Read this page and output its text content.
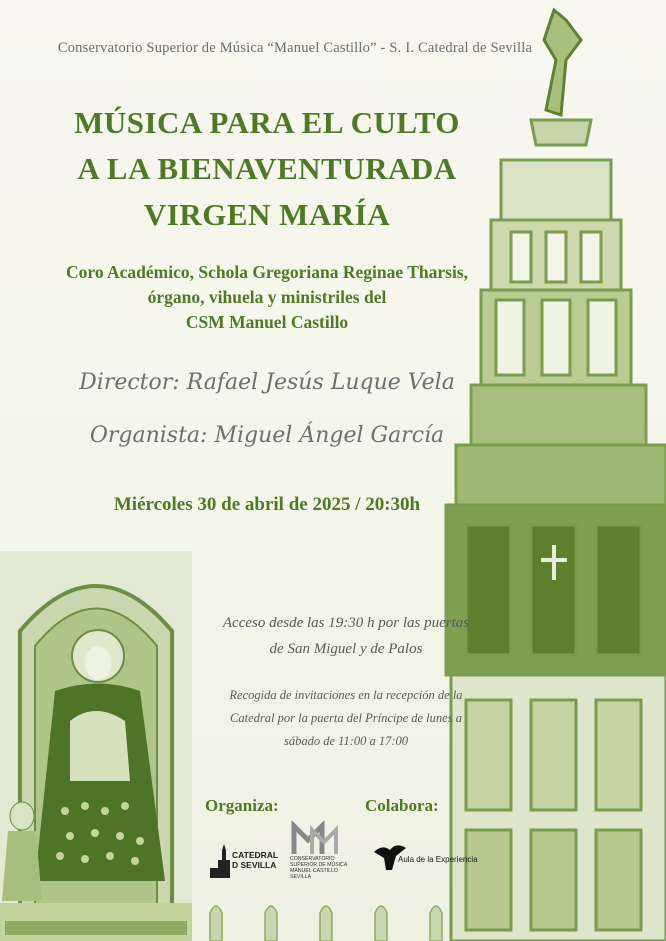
Conservatorio Superior de Música “Manuel Castillo” - S. I. Catedral de Sevilla
MÚSICA PARA EL CULTO
A LA BIENAVENTURADA
VIRGEN MARÍA
Coro Académico, Schola Gregoriana Reginae Tharsis,
órgano, vihuela y ministriles del
CSM Manuel Castillo
Director: Rafael Jesús Luque Vela
Organista: Miguel Ángel García
Miércoles 30 de abril de 2025 / 20:30h
Acceso desde las 19:30 h por las puertas
de San Miguel y de Palos
Recogida de invitaciones en la recepción de la
Catedral por la puerta del Príncipe de lunes a
sábado de 11:00 a 17:00
Organiza:	Colabora:
CATEDRAL
D SEVILLA
CONSERVATORIO
SUPERIOR DE MÚSICA
MANUEL CASTILLO
SEVILLA
Aula de la Experiencia
